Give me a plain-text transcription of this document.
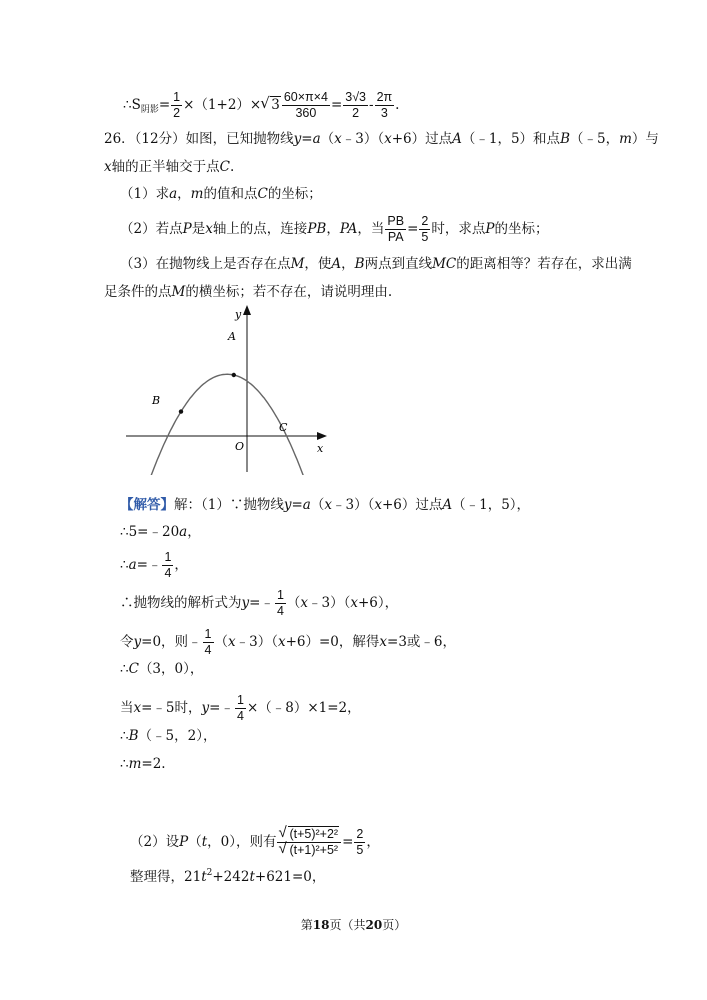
$\therefore S_{阴影}= \frac{1}{2} \times(1+2)\times√$ $3 \frac{60\times\pi\times 4}{360} = \frac{3√3}{2} - \frac{2\pi}{3}$ .
26．（12分）如图，已知抛物线y=a（x﹣3）（x+6）过点A（﹣1，5）和点B（﹣5，m）与
x轴的正半轴交于点C.
（1）求a，m的值和点C的坐标；
（2）若点P是x轴上的点，连接PB，PA，当 $\frac{PB}{PA} = \frac{2}{5}$ 时，求点P的坐标；
（3）在抛物线上是否存在点M，使A，B两点到直线MC的距离相等？若存在，求出满
足条件的点M的横坐标；若不存在，请说明理由.
y
x
O
A
B
C
【解答】解：（1）∵抛物线y=a（x﹣3）（x+6）过点A（﹣1，5），
∴5=﹣20a，
∴a=﹣ $\frac{1}{4}$ ，
∴抛物线的解析式为y=﹣ $\frac{1}{4}$ （x﹣3）（x+6），
令y=0，则﹣ $\frac{1}{4}$ （x﹣3）（x+6）=0，解得x=3或﹣6，
∴C（3，0），
当x=﹣5时，y=﹣ $\frac{1}{4}$ ×（﹣8）×1=2，
∴B（﹣5，2），
∴m=2.
（2）设P（t，0），则有
√ (t+5)²+2²
√ $(t+1)^2+5^2 = \frac{2}{5}$ ，
整理得，$21t^2+242t+621=0$，
第18页（共20页）
